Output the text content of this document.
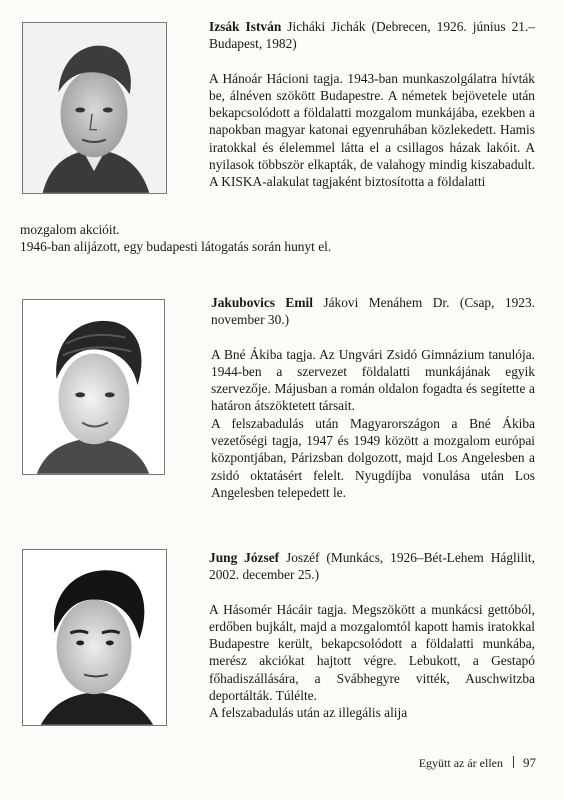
Izsák István Jicháki Jichák (Debrecen, 1926. június 21.–Budapest, 1982)

A Hánoár Hácioni tagja. 1943-ban munkaszolgálatra hívták be, álnéven szökött Budapestre. A németek bejövetele után bekapcsolódott a földalatti mozgalom munkájába, ezekben a napokban magyar katonai egyenruhában közlekedett. Hamis iratokkal és élelemmel látta el a csillagos házak lakóit. A nyilasok többször elkapták, de valahogy mindig kiszabadult. A KISKA-alakulat tagjaként biztosította a földalatti

mozgalom akcióit.
1946-ban alijázott, egy budapesti látogatás során hunyt el.

Jakubovics Emil Jákovi Menáhem Dr. (Csap, 1923. november 30.)

A Bné Ákiba tagja. Az Ungvári Zsidó Gimnázium tanulója. 1944-ben a szervezet földalatti munkájának egyik szervezője. Májusban a román oldalon fogadta és segítette a határon átszöktetett társait.

A felszabadulás után Magyarországon a Bné Ákiba vezetőségi tagja, 1947 és 1949 között a mozgalom európai központjában, Párizsban dolgozott, majd Los Angelesben a zsidó oktatásért felelt. Nyugdíjba vonulása után Los Angelesben telepedett le.

Jung József Joszéf (Munkács, 1926–Bét-Lehem Háglilit, 2002. december 25.)

A Hásomér Hácáir tagja. Megszökött a munkácsi gettóból, erdőben bujkált, majd a mozgalomtól kapott hamis iratokkal Budapestre került, bekapcsolódott a földalatti munkába, merész akciókat hajtott végre. Lebukott, a Gestapó főhadiszállására, a Svábhegyre vitték, Auschwitzba deportálták. Túlélte.

A felszabadulás után az illegális alija

Együtt az ár ellen 97
